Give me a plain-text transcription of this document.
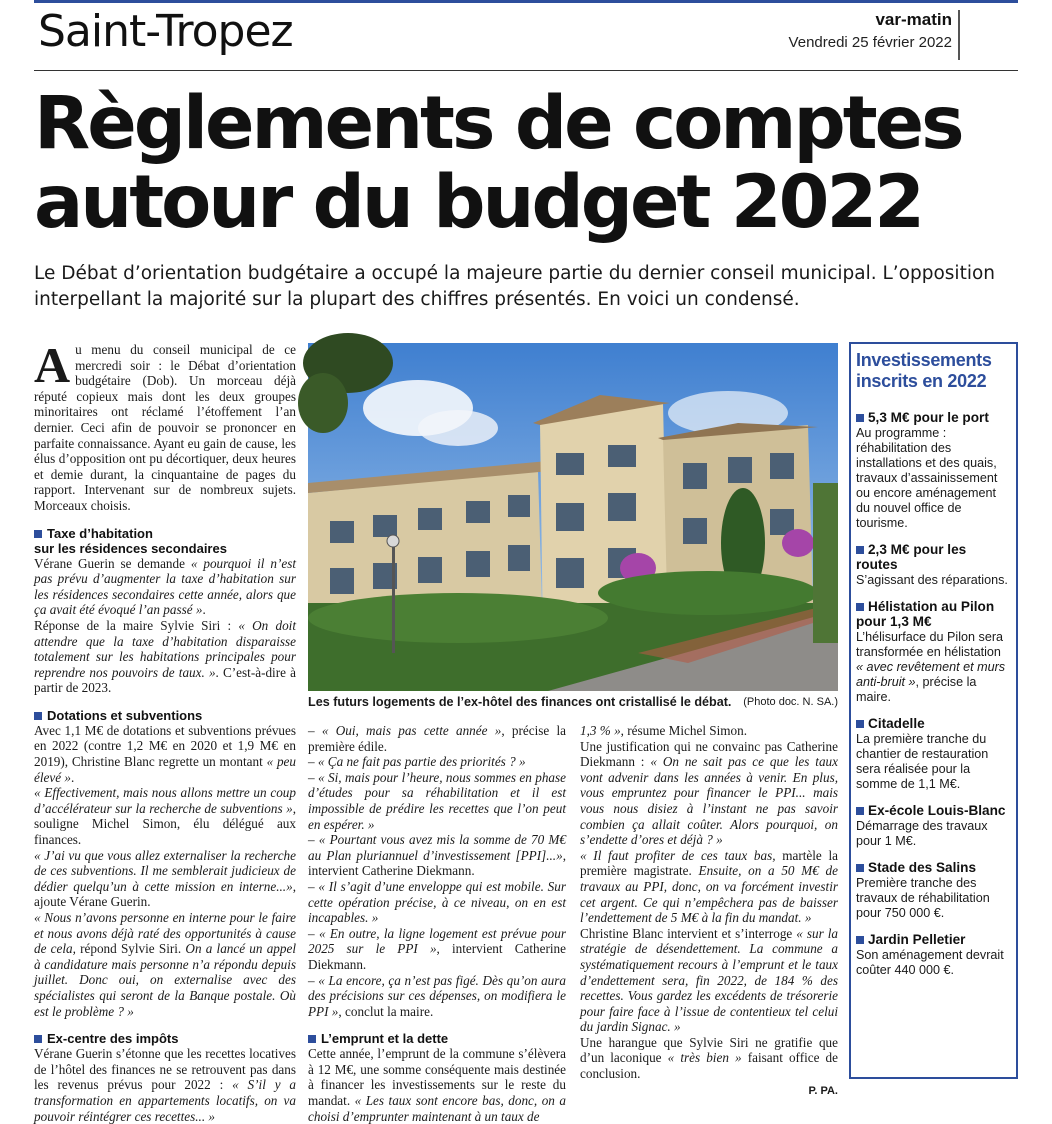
Saint-Tropez	var-matin
Vendredi 25 février 2022
Règlements de comptes autour du budget 2022
Le Débat d’orientation budgétaire a occupé la majeure partie du dernier conseil municipal. L’opposition interpellant la majorité sur la plupart des chiffres présentés. En voici un condensé.

Au menu du conseil municipal de ce mercredi soir : le Débat d’orientation budgétaire (Dob). Un morceau déjà réputé copieux mais dont les deux groupes minoritaires ont réclamé l’étoffement l’an dernier. Ceci afin de pouvoir se prononcer en parfaite connaissance. Ayant eu gain de cause, les élus d’opposition ont pu décortiquer, deux heures et demie durant, la cinquantaine de pages du rapport. Intervenant sur de nombreux sujets. Morceaux choisis.

Taxe d’habitation
sur les résidences secondaires

Vérane Guerin se demande « pourquoi il n’est pas prévu d’augmenter la taxe d’habitation sur les résidences secondaires cette année, alors que ça avait été évoqué l’an passé ».

Réponse de la maire Sylvie Siri : « On doit attendre que la taxe d’habitation disparaisse totalement sur les habitations principales pour reprendre nos pouvoirs de taux. ». C’est-à-dire à partir de 2023.

Dotations et subventions

Avec 1,1 M€ de dotations et subventions prévues en 2022 (contre 1,2 M€ en 2020 et 1,9 M€ en 2019), Christine Blanc regrette un montant « peu élevé ».

« Effectivement, mais nous allons mettre un coup d’accélérateur sur la recherche de subventions », souligne Michel Simon, élu délégué aux finances.

« J’ai vu que vous allez externaliser la recherche de ces subventions. Il me semblerait judicieux de dédier quelqu’un à cette mission en interne...», ajoute Vérane Guerin.

« Nous n’avons personne en interne pour le faire et nous avons déjà raté des opportunités à cause de cela, répond Sylvie Siri. On a lancé un appel à candidature mais personne n’a répondu depuis juillet. Donc oui, on externalise avec des spécialistes qui seront de la Banque postale. Où est le problème ? »

Ex-centre des impôts

Vérane Guerin s’étonne que les recettes locatives de l’hôtel des finances ne se retrouvent pas dans les revenus prévus pour 2022 : « S’il y a transformation en appartements locatifs, on va pouvoir réintégrer ces recettes... »

Les futurs logements de l’ex-hôtel des finances ont cristallisé le débat. (Photo doc. N. SA.)

– « Oui, mais pas cette année », précise la première édile.

– « Ça ne fait pas partie des priorités ? »

– « Si, mais pour l’heure, nous sommes en phase d’études pour sa réhabilitation et il est impossible de prédire les recettes que l’on peut en espérer. »

– « Pourtant vous avez mis la somme de 70 M€ au Plan pluriannuel d’investissement [PPI]...», intervient Catherine Diekmann.

– « Il s’agit d’une enveloppe qui est mobile. Sur cette opération précise, à ce niveau, on en est incapables. »

– « En outre, la ligne logement est prévue pour 2025 sur le PPI », intervient Catherine Diekmann.

– « La encore, ça n’est pas figé. Dès qu’on aura des précisions sur ces dépenses, on modifiera le PPI », conclut la maire.

L’emprunt et la dette

Cette année, l’emprunt de la commune s’élèvera à 12 M€, une somme conséquente mais destinée à financer les investissements sur le reste du mandat. « Les taux sont encore bas, donc, on a choisi d’emprunter maintenant à un taux de

1,3 % », résume Michel Simon.

Une justification qui ne convainc pas Catherine Diekmann : « On ne sait pas ce que les taux vont advenir dans les années à venir. En plus, vous empruntez pour financer le PPI... mais vous nous disiez à l’instant ne pas savoir combien ça allait coûter. Alors pourquoi, on s’endette d’ores et déjà ? »

« Il faut profiter de ces taux bas, martèle la première magistrate. Ensuite, on a 50 M€ de travaux au PPI, donc, on va forcément investir cet argent. Ce qui n’empêchera pas de baisser l’endettement de 5 M€ à la fin du mandat. »

Christine Blanc intervient et s’interroge « sur la stratégie de désendettement. La commune a systématiquement recours à l’emprunt et le taux d’endettement sera, fin 2022, de 184 % des recettes. Vous gardez les excédents de trésorerie pour faire face à l’issue de contentieux tel celui du jardin Signac. »

Une harangue que Sylvie Siri ne gratifie que d’un laconique « très bien » faisant office de conclusion.

P. PA.
Investissements inscrits en 2022
5,3 M€ pour le port
Au programme : réhabilitation des installations et des quais, travaux d’assainissement ou encore aménagement du nouvel office de tourisme.
2,3 M€ pour les routes
S’agissant des réparations.
Hélistation au Pilon pour 1,3 M€
L’hélisurface du Pilon sera transformée en hélistation « avec revêtement et murs anti-bruit », précise la maire.
Citadelle
La première tranche du chantier de restauration sera réalisée pour la somme de 1,1 M€.
Ex-école Louis-Blanc
Démarrage des travaux pour 1 M€.
Stade des Salins
Première tranche des travaux de réhabilitation pour 750 000 €.
Jardin Pelletier
Son aménagement devrait coûter 440 000 €.
